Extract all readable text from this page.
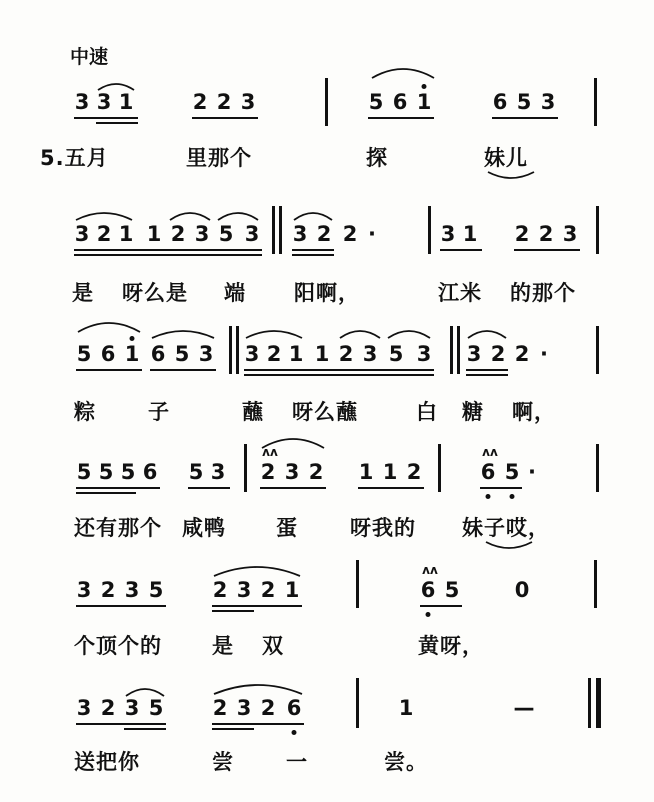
中速
3 3 1	2 2 3	5 6 1	6 5 3
5.五月	里那个	探	妹儿
3 2 1 1 2 3 5 3 3 2 2 ·	3 1 2 2 3
是 呀么是 端 阳啊，	江米 的那个
5 6 1 6 5 3 3 2 1 1 2 3 5 3 3 2 2 ·
粽 子	蘸 呀么蘸	白 糖 啊，
5 5 5 6 5 3 2 3 2 1 1 2	6 5 ·
ᴧᴧ	ᴧᴧ
还有那个 咸鸭 蛋 呀我的 妹子哎，
3 2 3 5 2 3 2 1	6 5	0
ᴧᴧ
个顶个的 是 双	黄呀，
3 2 3 5 2 3 2 6	1	—
送把你	尝 一	尝。
